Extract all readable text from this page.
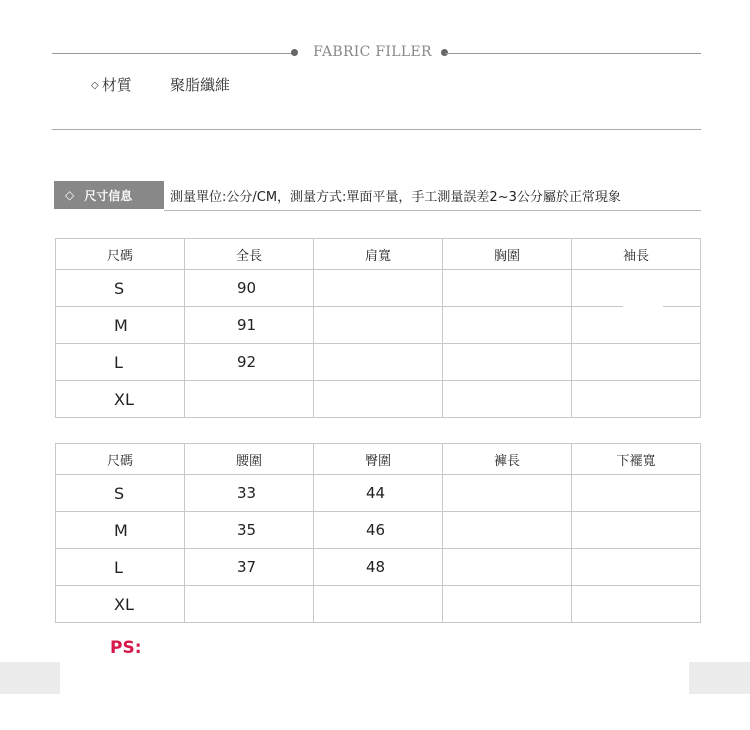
FABRIC FILLER
◇ 材質	聚脂纖維
◇ 尺寸信息	測量單位:公分/CM，測量方式:單面平量，手工測量誤差2~3公分屬於正常現象
尺碼	全長	肩寬	胸圍	袖長
S	90			
M	91			
L	92			
XL				
尺碼	腰圍	臀圍	褲長	下襬寬
S	33	44		
M	35	46		
L	37	48		
XL				
PS:
